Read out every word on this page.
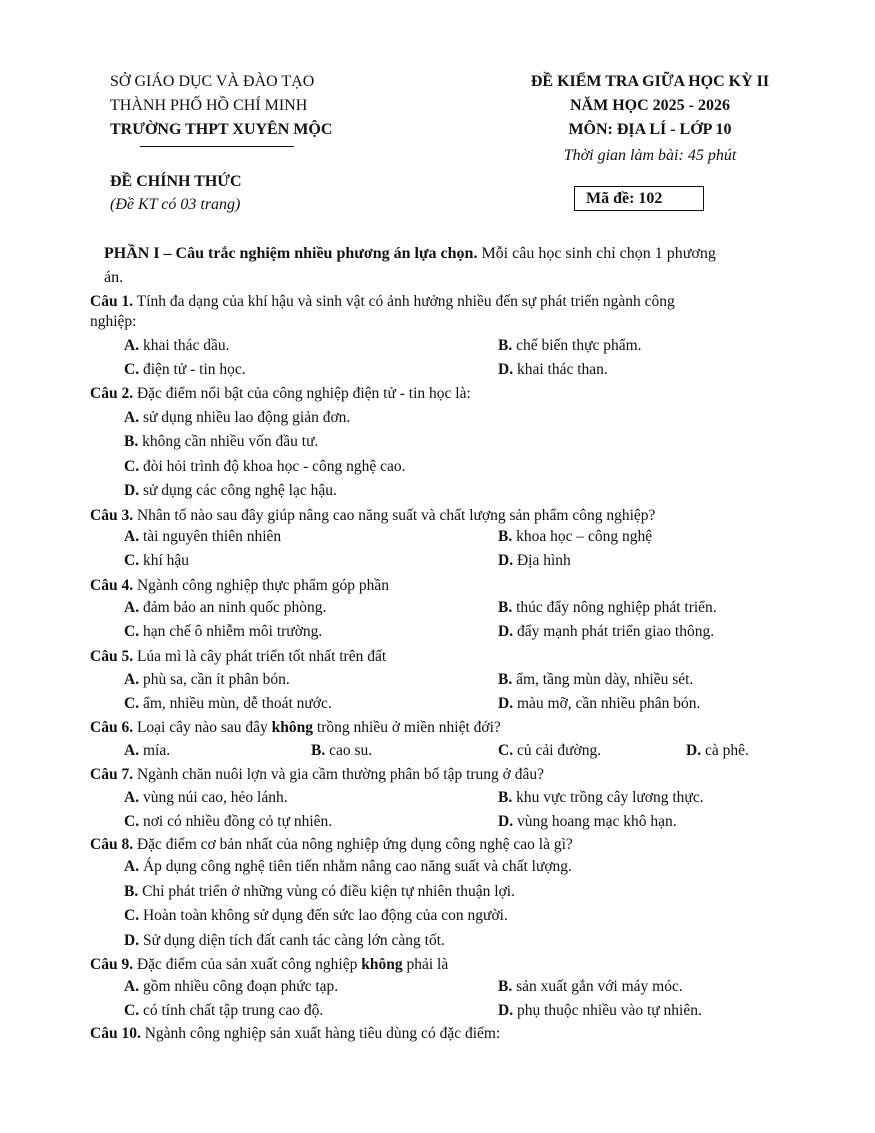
SỞ GIÁO DỤC VÀ ĐÀO TẠO
THÀNH PHỐ HỒ CHÍ MINH
TRƯỜNG THPT XUYÊN MỘC
ĐỀ KIỂM TRA GIỮA HỌC KỲ II
NĂM HỌC 2025 - 2026
MÔN: ĐỊA LÍ - LỚP 10
Thời gian làm bài: 45 phút
ĐỀ CHÍNH THỨC
(Đề KT có 03 trang)	Mã đề: 102
PHẦN I – Câu trắc nghiệm nhiều phương án lựa chọn. Mỗi câu học sinh chỉ chọn 1 phương
án.
Câu 1. Tính đa dạng của khí hậu và sinh vật có ảnh hưởng nhiều đến sự phát triển ngành công
nghiệp:
A. khai thác dầu.	B. chế biến thực phẩm.
C. điện tử - tin học.	D. khai thác than.
Câu 2. Đặc điểm nổi bật của công nghiệp điện tử - tin học là:
A. sử dụng nhiều lao động giản đơn.
B. không cần nhiều vốn đầu tư.
C. đòi hỏi trình độ khoa học - công nghệ cao.
D. sử dụng các công nghệ lạc hậu.
Câu 3. Nhân tố nào sau đây giúp nâng cao năng suất và chất lượng sản phẩm công nghiệp?
A. tài nguyên thiên nhiên	B. khoa học – công nghệ
C. khí hậu	D. Địa hình
Câu 4. Ngành công nghiệp thực phẩm góp phần
A. đảm bảo an ninh quốc phòng.	B. thúc đẩy nông nghiệp phát triển.
C. hạn chế ô nhiễm môi trường.	D. đẩy mạnh phát triển giao thông.
Câu 5. Lúa mì là cây phát triển tốt nhất trên đất
A. phù sa, cần ít phân bón.	B. ẩm, tầng mùn dày, nhiều sét.
C. ẩm, nhiều mùn, dễ thoát nước.	D. màu mỡ, cần nhiều phân bón.
Câu 6. Loại cây nào sau đây không trồng nhiều ở miền nhiệt đới?
A. mía.	B. cao su.	C. củ cải đường.	D. cà phê.
Câu 7. Ngành chăn nuôi lợn và gia cầm thường phân bố tập trung ở đâu?
A. vùng núi cao, hẻo lánh.	B. khu vực trồng cây lương thực.
C. nơi có nhiều đồng cỏ tự nhiên.	D. vùng hoang mạc khô hạn.
Câu 8. Đặc điểm cơ bản nhất của nông nghiệp ứng dụng công nghệ cao là gì?
A. Áp dụng công nghệ tiên tiến nhằm nâng cao năng suất và chất lượng.
B. Chỉ phát triển ở những vùng có điều kiện tự nhiên thuận lợi.
C. Hoàn toàn không sử dụng đến sức lao động của con người.
D. Sử dụng diện tích đất canh tác càng lớn càng tốt.
Câu 9. Đặc điểm của sản xuất công nghiệp không phải là
A. gồm nhiều công đoạn phức tạp.	B. sản xuất gắn với máy móc.
C. có tính chất tập trung cao độ.	D. phụ thuộc nhiều vào tự nhiên.
Câu 10. Ngành công nghiệp sản xuất hàng tiêu dùng có đặc điểm:
